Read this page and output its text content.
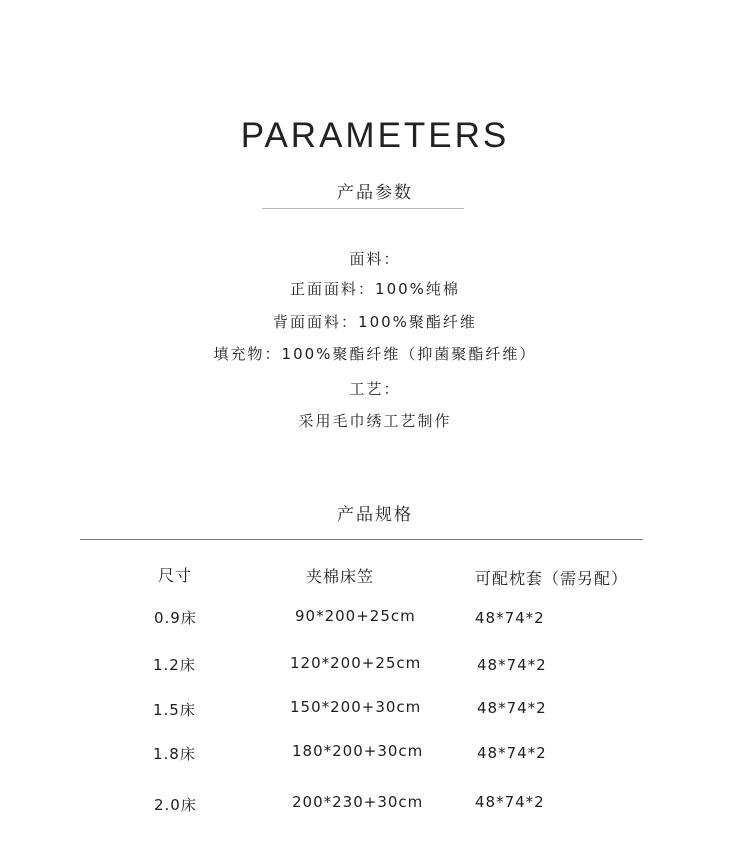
PARAMETERS
产品参数
面料：
正面面料：100%纯棉
背面面料：100%聚酯纤维
填充物：100%聚酯纤维（抑菌聚酯纤维）
工艺：
采用毛巾绣工艺制作
产品规格
尺寸	夹棉床笠	可配枕套（需另配）
0.9床	90*200+25cm	48*74*2
1.2床	120*200+25cm	48*74*2
1.5床	150*200+30cm	48*74*2
1.8床	180*200+30cm	48*74*2
2.0床	200*230+30cm	48*74*2
